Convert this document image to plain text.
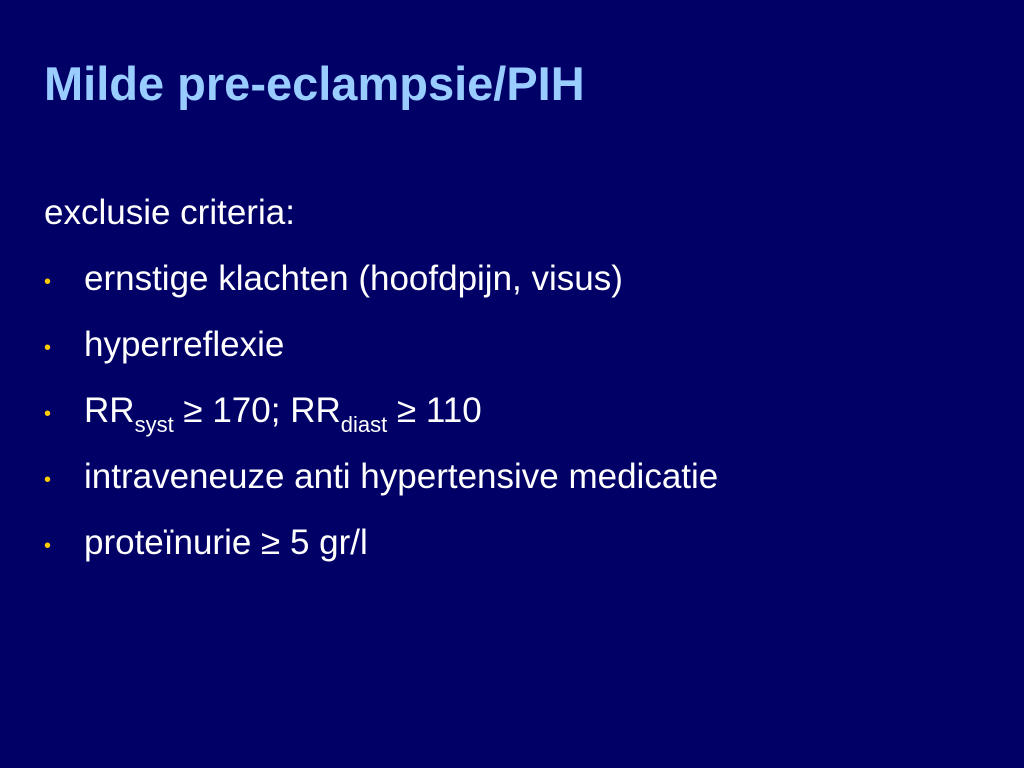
Milde pre-eclampsie/PIH

exclusie criteria:

• ernstige klachten (hoofdpijn, visus)
• hyperreflexie
• $RR_{syst} \ge 170$; $RR_{diast} \ge 110$
• intraveneuze anti hypertensive medicatie
• proteïnurie ≥ 5 gr/l
